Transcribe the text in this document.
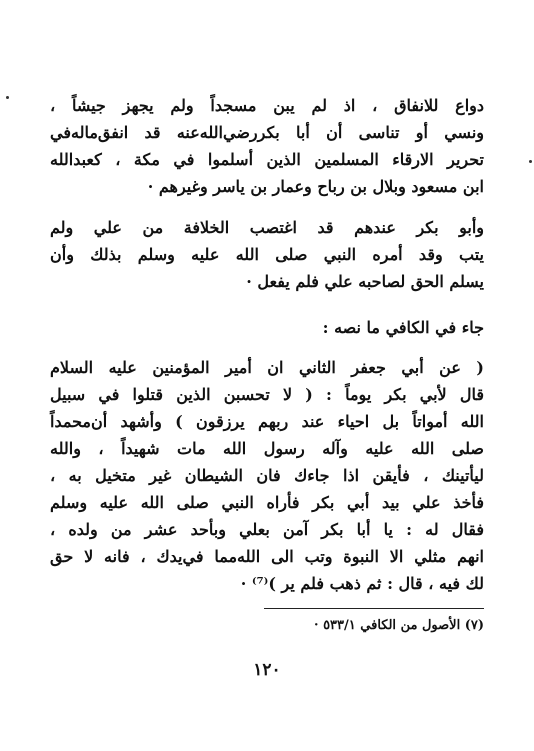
دواع للانفاق ، اذ لم يبن مسجداً ولم يجهز جيشاً ،
ونسي أو تناسى أن أبا بكررضي‌الله‌عنه قد انفق‌ماله‌في
تحرير الارقاء المسلمين الذين أسلموا في مكة ، كعبدالله
ابن مسعود وبلال بن رباح وعمار بن ياسر وغيرهم ·
وأبو بكر عندهم قد اغتصب الخلافة من علي ولم
يتب وقد أمره النبي صلى الله عليه وسلم بذلك وأن
يسلم الحق لصاحبه علي فلم يفعل ·
جاء في الكافي ما نصه :
( عن أبي جعفر الثاني ان أمير المؤمنين عليه السلام
قال لأبي بكر يوماً : ( لا تحسبن الذين قتلوا في سبيل
الله أمواتاً بل احياء عند ربهم يرزقون ) وأشهد أن‌محمداً
صلى الله عليه وآله رسول الله مات شهيداً ، والله
ليأتينك ، فأيقن اذا جاءك فان الشيطان غير متخيل به ،
فأخذ علي بيد أبي بكر فأراه النبي صلى الله عليه وسلم
فقال له : يا أبا بكر آمن بعلي وبأحد عشر من ولده ،
انهم مثلي الا النبوة وتب الى الله‌مما في‌يدك ، فانه لا حق
لك فيه ، قال : ثم ذهب فلم ير )⁽⁷⁾ ·
(٧) الأصول من الكافي ٥٣٣/١ ·
١٢٠
